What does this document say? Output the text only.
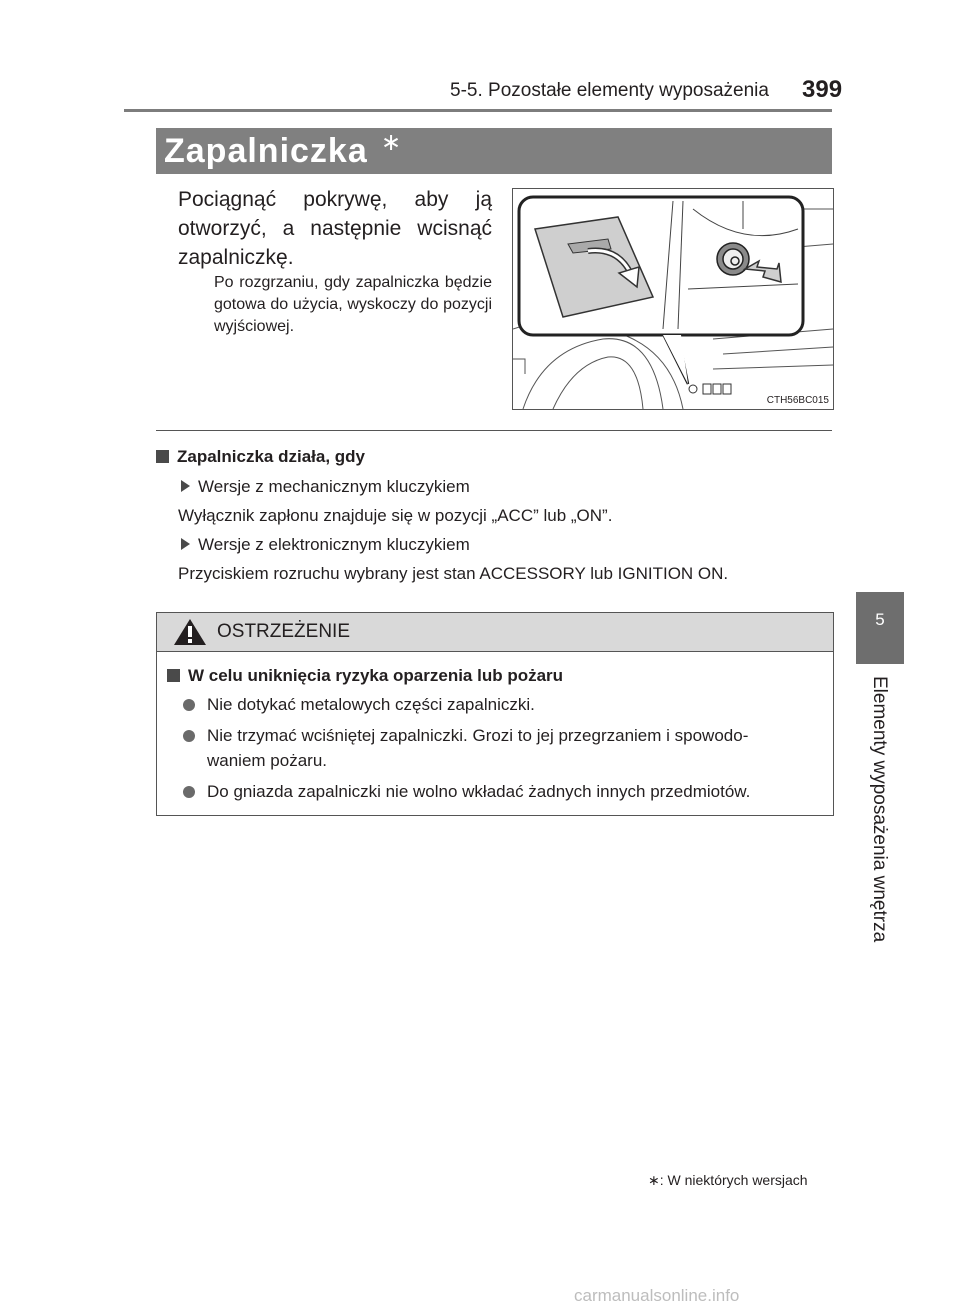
5-5. Pozostałe elementy wyposażenia 399
Zapalniczka ∗
5
Elementy wyposażenia wnętrza
Pociągnąć pokrywę, aby ją otworzyć, a następnie wcisnąć zapalniczkę.
Po rozgrzaniu, gdy zapalniczka będzie gotowa do użycia, wyskoczy do pozycji wyjściowej.
CTH56BC015
Zapalniczka działa, gdy
Wersje z mechanicznym kluczykiem
Wyłącznik zapłonu znajduje się w pozycji „ACC” lub „ON”.
Wersje z elektronicznym kluczykiem
Przyciskiem rozruchu wybrany jest stan ACCESSORY lub IGNITION ON.
OSTRZEŻENIE
W celu uniknięcia ryzyka oparzenia lub pożaru
Nie dotykać metalowych części zapalniczki.
Nie trzymać wciśniętej zapalniczki. Grozi to jej przegrzaniem i spowodo-
waniem pożaru.
Do gniazda zapalniczki nie wolno wkładać żadnych innych przedmiotów.
∗: W niektórych wersjach
carmanualsonline.info
